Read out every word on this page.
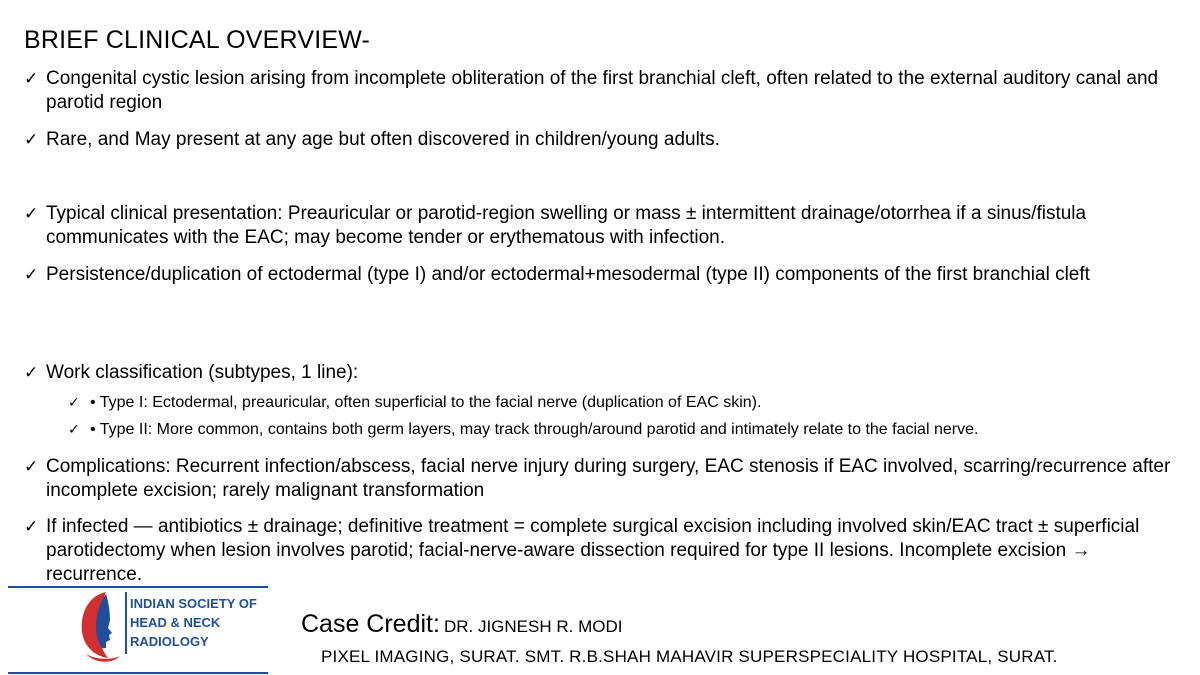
BRIEF CLINICAL OVERVIEW-
✓ Congenital cystic lesion arising from incomplete obliteration of the first branchial cleft, often related to the external auditory canal and parotid region
✓ Rare, and May present at any age but often discovered in children/young adults.
✓ Typical clinical presentation: Preauricular or parotid-region swelling or mass ± intermittent drainage/otorrhea if a sinus/fistula communicates with the EAC; may become tender or erythematous with infection.
✓ Persistence/duplication of ectodermal (type I) and/or ectodermal+mesodermal (type II) components of the first branchial cleft
✓ Work classification (subtypes, 1 line):
✓ • Type I: Ectodermal, preauricular, often superficial to the facial nerve (duplication of EAC skin).
✓ • Type II: More common, contains both germ layers, may track through/around parotid and intimately relate to the facial nerve.
✓ Complications: Recurrent infection/abscess, facial nerve injury during surgery, EAC stenosis if EAC involved, scarring/recurrence after incomplete excision; rarely malignant transformation
✓ If infected — antibiotics ± drainage; definitive treatment = complete surgical excision including involved skin/EAC tract ± superficial parotidectomy when lesion involves parotid; facial-nerve-aware dissection required for type II lesions. Incomplete excision → recurrence.
INDIAN SOCIETY OF
HEAD & NECK
RADIOLOGY
Case Credit: DR. JIGNESH R. MODI
PIXEL IMAGING, SURAT. SMT. R.B.SHAH MAHAVIR SUPERSPECIALITY HOSPITAL, SURAT.
